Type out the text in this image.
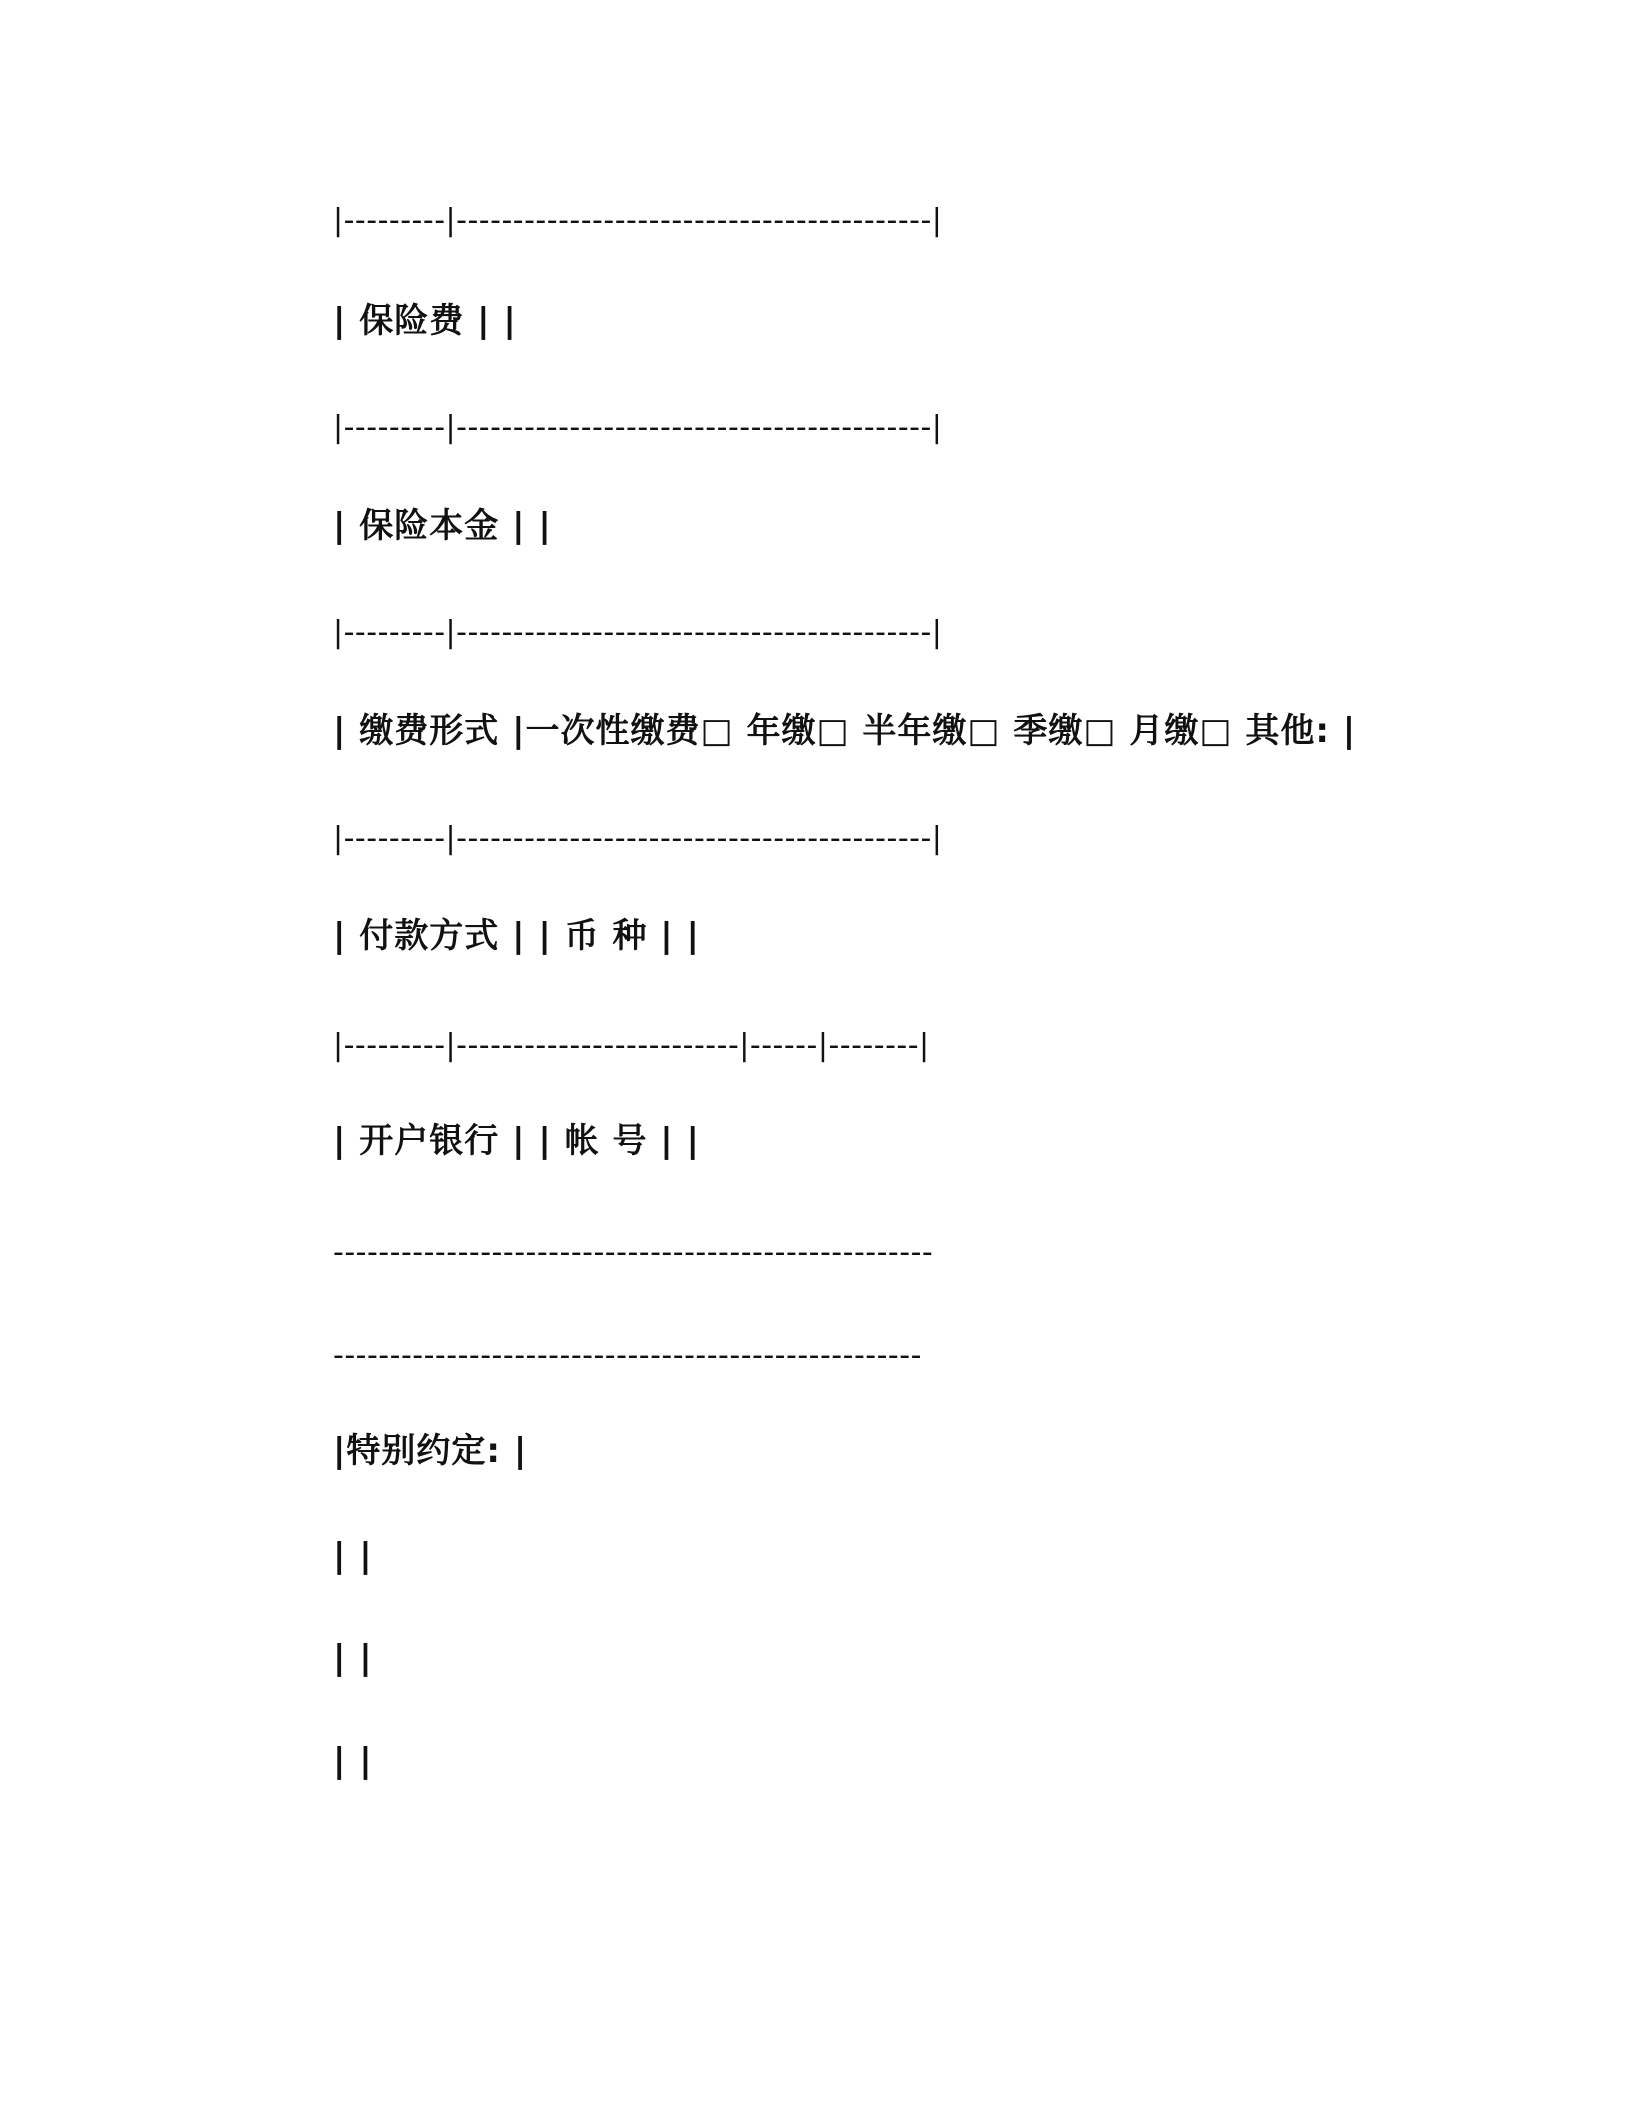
|---------|------------------------------------------|

| 保险费 | |

|---------|------------------------------------------|

| 保险本金 | |

|---------|------------------------------------------|

| 缴费形式 |一次性缴费□ 年缴□ 半年缴□ 季缴□ 月缴□ 其他: |

|---------|------------------------------------------|

| 付款方式 | | 币 种 | |

|---------|-------------------------|------|--------|

| 开户银行 | | 帐 号 | |

-----------------------------------------------------

----------------------------------------------------

|特别约定: |

| |

| |

| |
